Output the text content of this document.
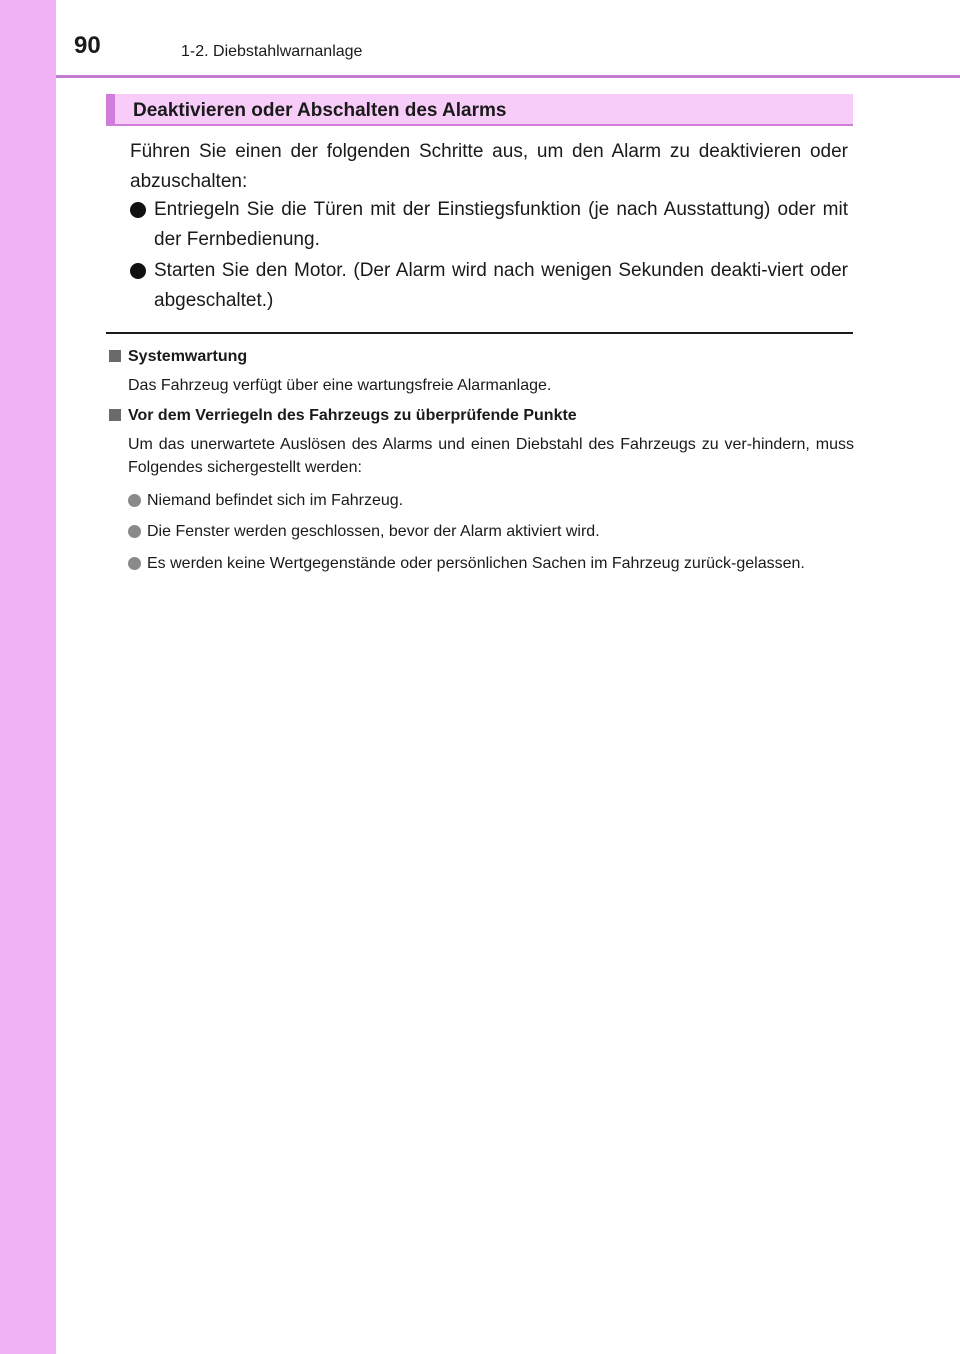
90	1-2. Diebstahlwarnanlage
Deaktivieren oder Abschalten des Alarms

Führen Sie einen der folgenden Schritte aus, um den Alarm zu deaktivieren oder abzuschalten:

Entriegeln Sie die Türen mit der Einstiegsfunktion (je nach Ausstattung) oder mit der Fernbedienung.
Starten Sie den Motor. (Der Alarm wird nach wenigen Sekunden deakti-viert oder abgeschaltet.)
Systemwartung

Das Fahrzeug verfügt über eine wartungsfreie Alarmanlage.

Vor dem Verriegeln des Fahrzeugs zu überprüfende Punkte

Um das unerwartete Auslösen des Alarms und einen Diebstahl des Fahrzeugs zu ver-hindern, muss Folgendes sichergestellt werden:

Niemand befindet sich im Fahrzeug.
Die Fenster werden geschlossen, bevor der Alarm aktiviert wird.
Es werden keine Wertgegenstände oder persönlichen Sachen im Fahrzeug zurück-gelassen.
